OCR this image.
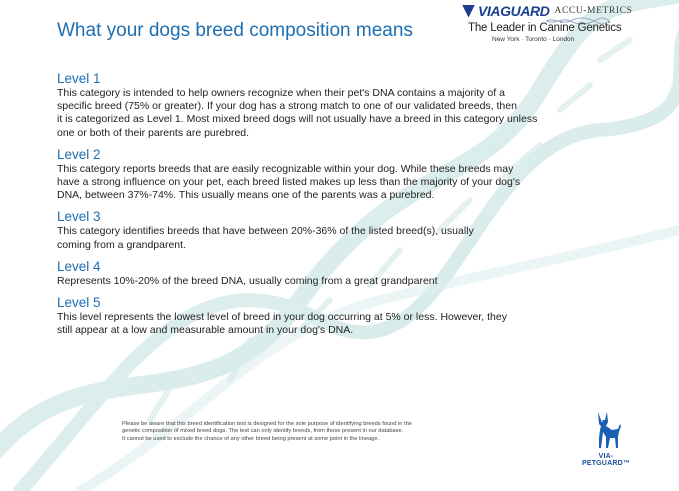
What your dogs breed composition means
VIAGUARD ACCU-METRICS
The Leader in Canine Genetics
New York · Toronto · London

Level 1

This category is intended to help owners recognize when their pet's DNA contains a majority of a
specific breed (75% or greater). If your dog has a strong match to one of our validated breeds, then
it is categorized as Level 1. Most mixed breed dogs will not usually have a breed in this category unless
one or both of their parents are purebred.

Level 2

This category reports breeds that are easily recognizable within your dog. While these breeds may
have a strong influence on your pet, each breed listed makes up less than the majority of your dog's
DNA, between 37%-74%. This usually means one of the parents was a purebred.

Level 3

This category identifies breeds that have between 20%-36% of the listed breed(s), usually
coming from a grandparent.

Level 4

Represents 10%-20% of the breed DNA, usually coming from a great grandparent

Level 5

This level represents the lowest level of breed in your dog occurring at 5% or less. However, they
still appear at a low and measurable amount in your dog's DNA.

Please be aware that this breed identification test is designed for the sole purpose of identifying breeds found in the
genetic composition of mixed breed dogs. The test can only identify breeds, from those present in our database.
It cannot be used to exclude the chance of any other breed being present at some point in the lineage.
VIA-PETGUARD™
